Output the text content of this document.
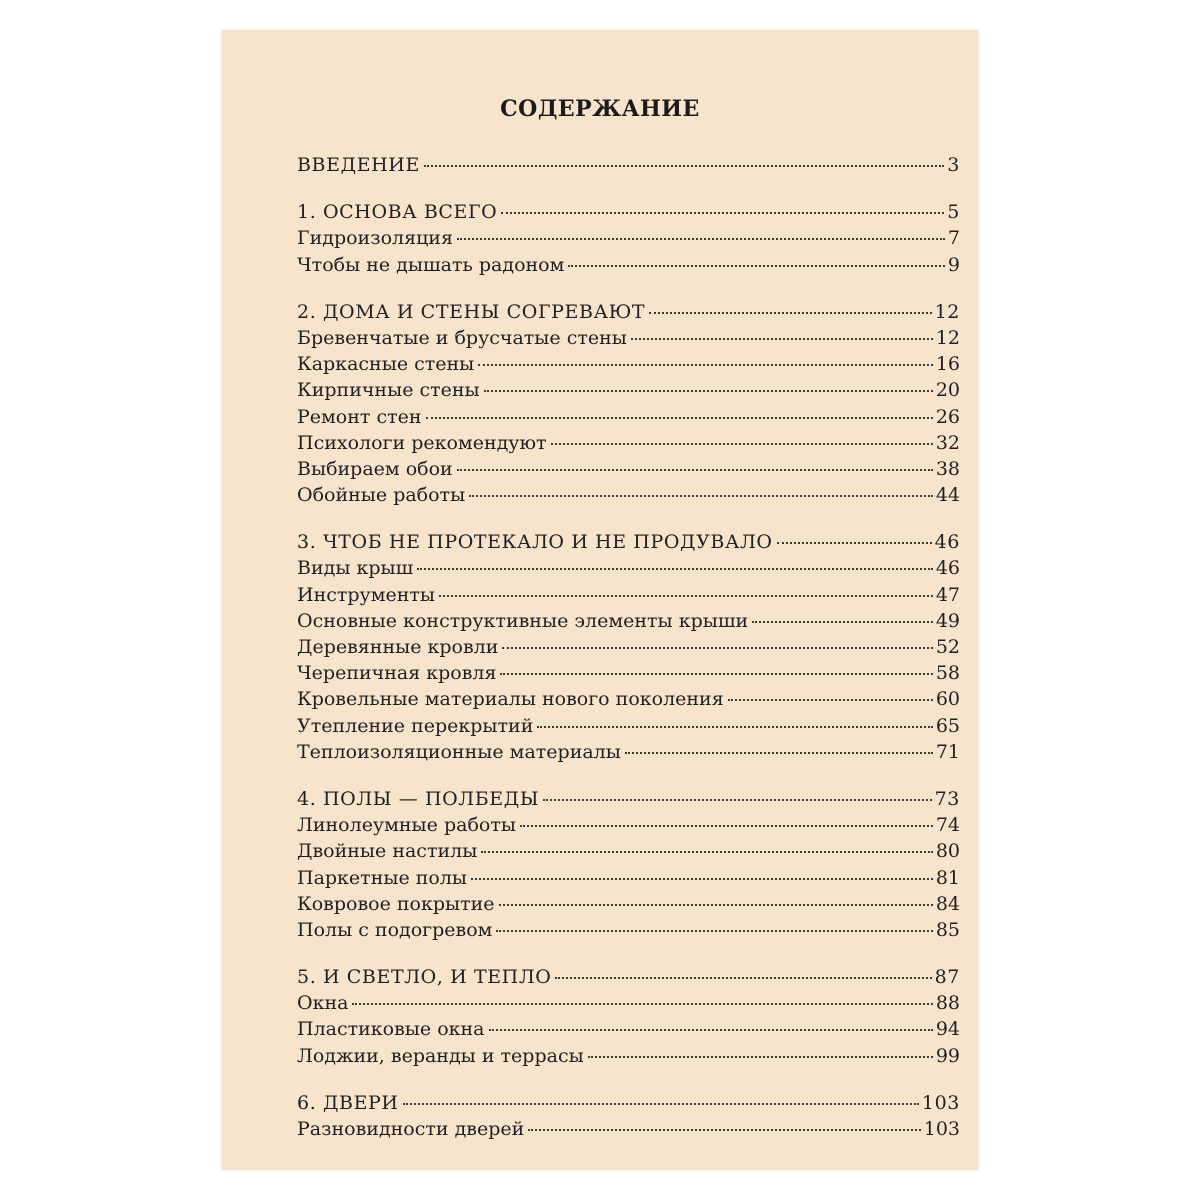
СОДЕРЖАНИЕ
ВВЕДЕНИЕ	3
1. ОСНОВА ВСЕГО	5
Гидроизоляция	7
Чтобы не дышать радоном	9
2. ДОМА И СТЕНЫ СОГРЕВАЮТ	12
Бревенчатые и брусчатые стены	12
Каркасные стены	16
Кирпичные стены	20
Ремонт стен	26
Психологи рекомендуют	32
Выбираем обои	38
Обойные работы	44
3. ЧТОБ НЕ ПРОТЕКАЛО И НЕ ПРОДУВАЛО	46
Виды крыш	46
Инструменты	47
Основные конструктивные элементы крыши	49
Деревянные кровли	52
Черепичная кровля	58
Кровельные материалы нового поколения	60
Утепление перекрытий	65
Теплоизоляционные материалы	71
4. ПОЛЫ — ПОЛБЕДЫ	73
Линолеумные работы	74
Двойные настилы	80
Паркетные полы	81
Ковровое покрытие	84
Полы с подогревом	85
5. И СВЕТЛО, И ТЕПЛО	87
Окна	88
Пластиковые окна	94
Лоджии, веранды и террасы	99
6. ДВЕРИ	103
Разновидности дверей	103
